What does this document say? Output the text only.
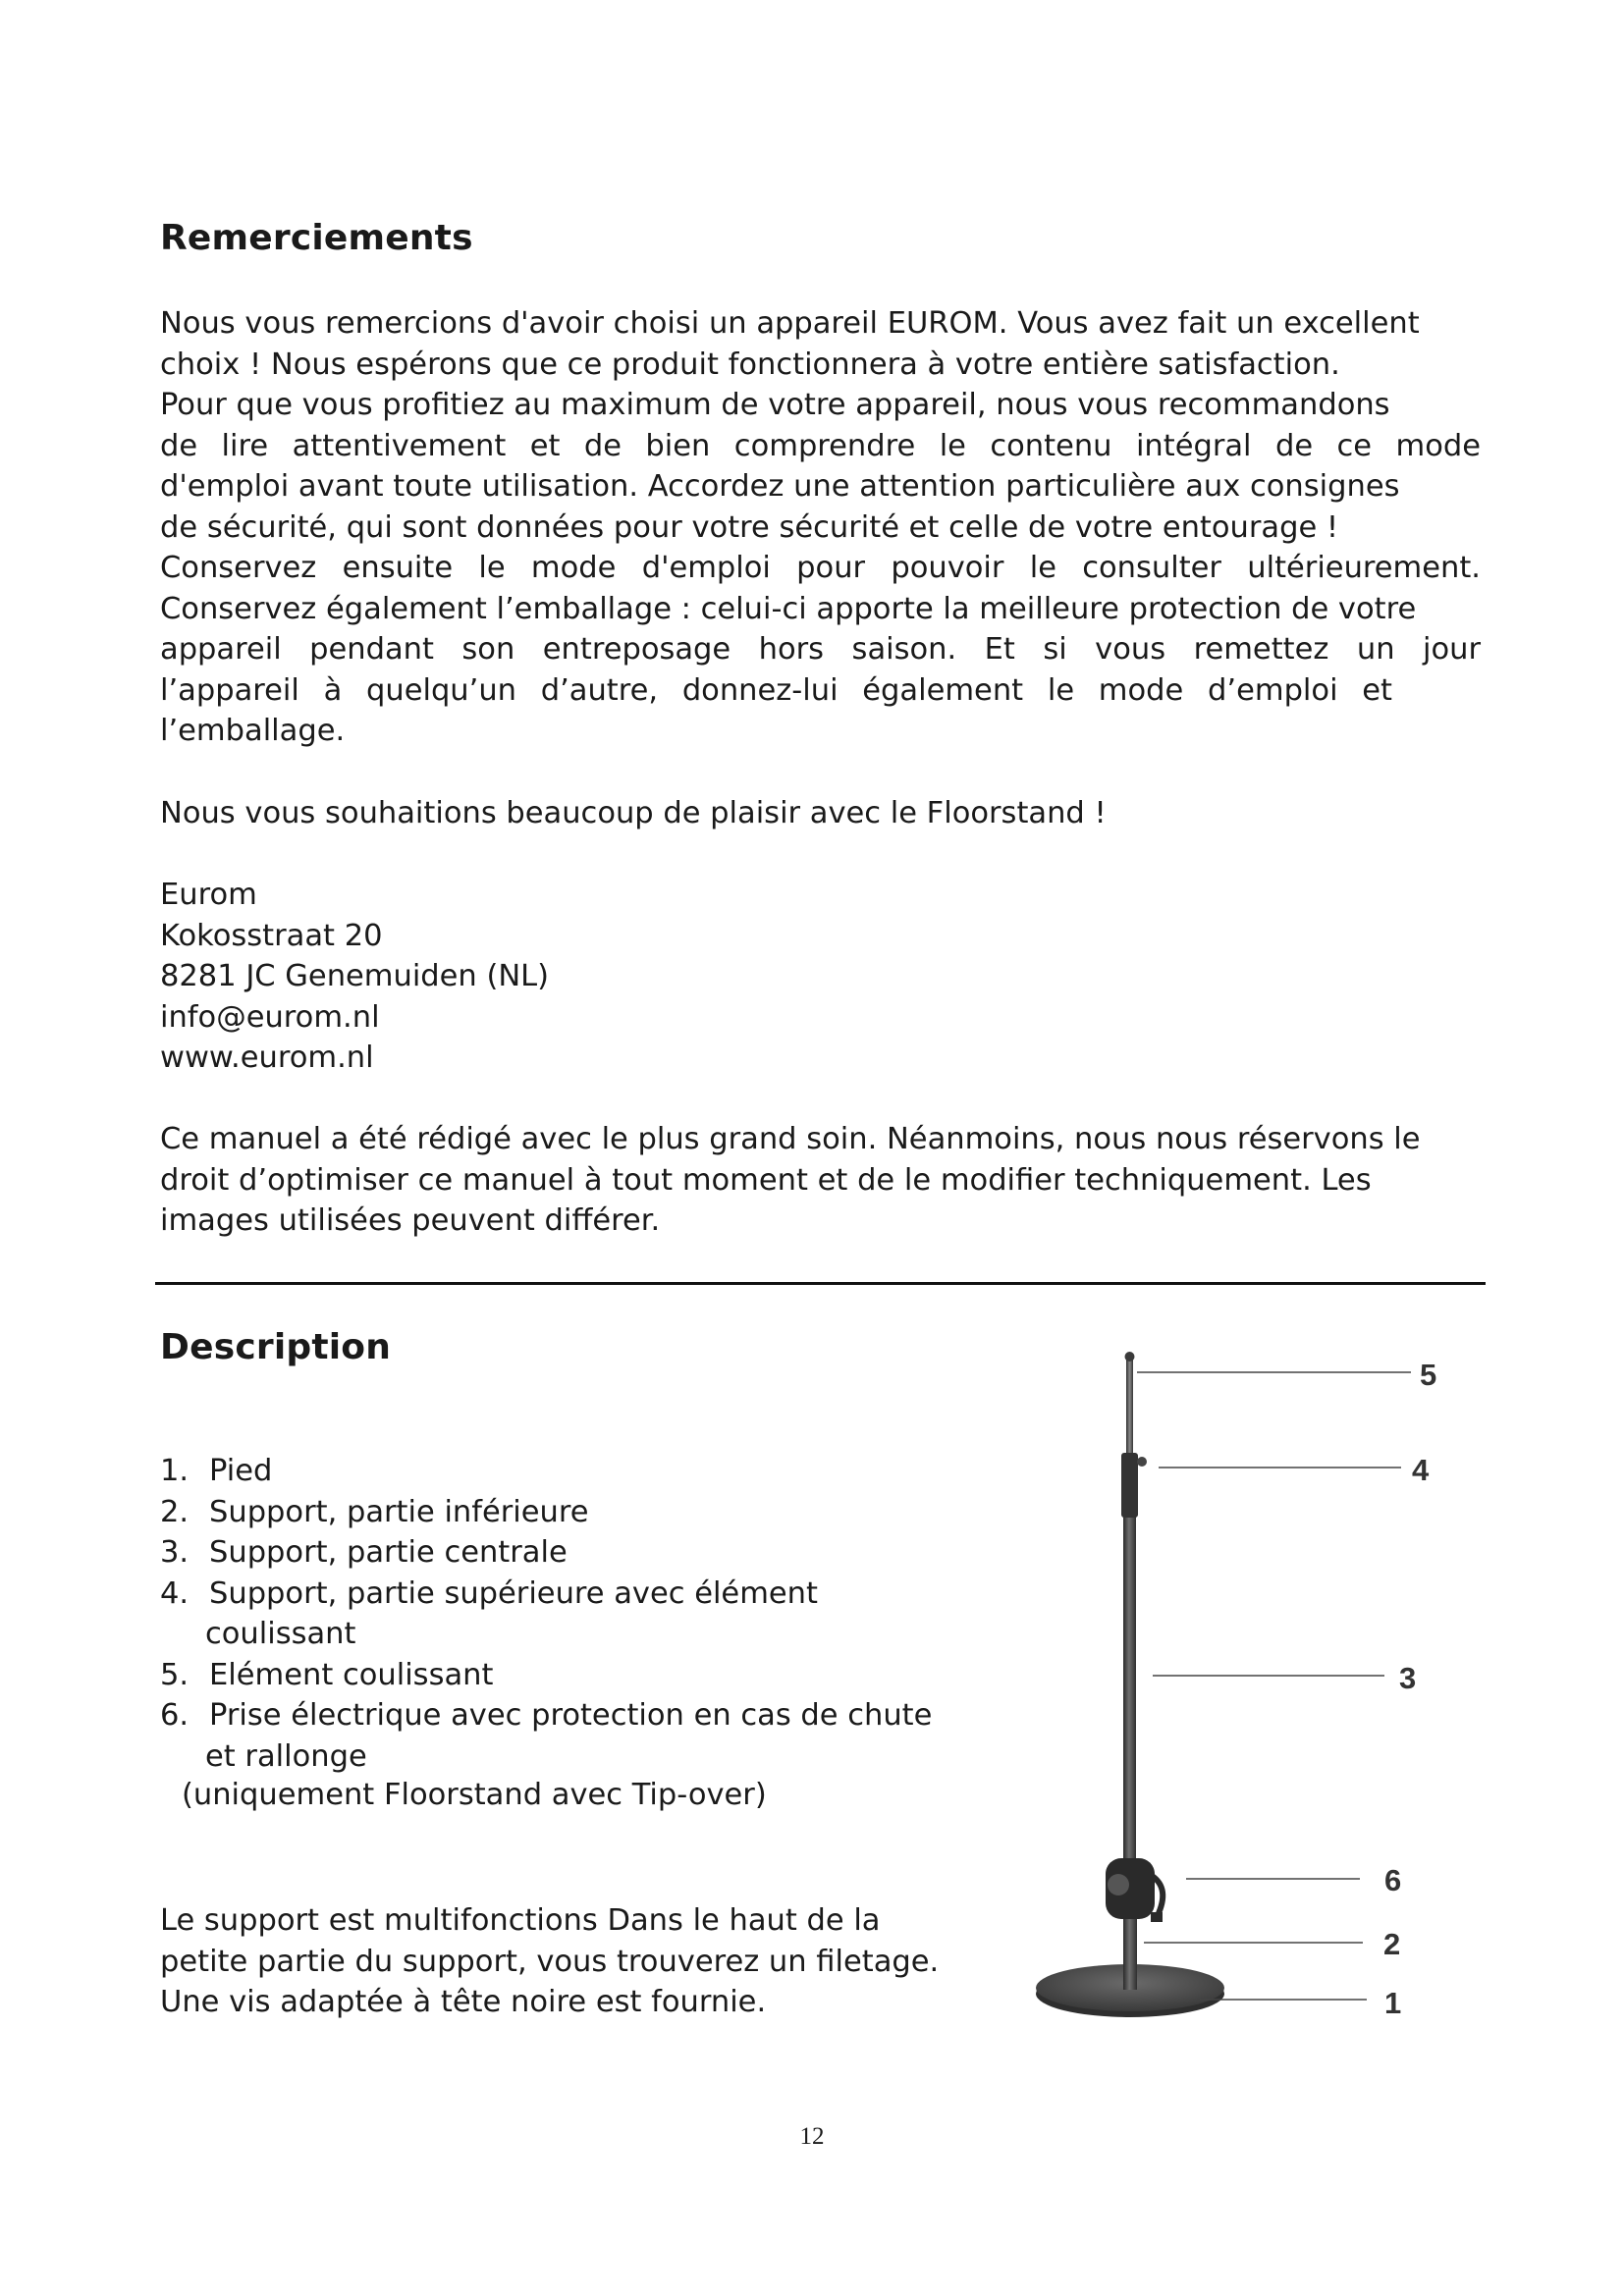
Remerciements
Nous vous remercions d'avoir choisi un appareil EUROM. Vous avez fait un excellent
choix ! Nous espérons que ce produit fonctionnera à votre entière satisfaction.
Pour que vous profitiez au maximum de votre appareil, nous vous recommandons
de lire attentivement et de bien comprendre le contenu intégral de ce mode
d'emploi avant toute utilisation. Accordez une attention particulière aux consignes
de sécurité, qui sont données pour votre sécurité et celle de votre entourage !
Conservez ensuite le mode d'emploi pour pouvoir le consulter ultérieurement.
Conservez également l’emballage : celui-ci apporte la meilleure protection de votre
appareil pendant son entreposage hors saison. Et si vous remettez un jour
l’appareil à quelqu’un d’autre, donnez-lui également le mode d’emploi et
l’emballage.

Nous vous souhaitions beaucoup de plaisir avec le Floorstand !

Eurom
Kokosstraat 20
8281 JC Genemuiden (NL)
info@eurom.nl
www.eurom.nl
Ce manuel a été rédigé avec le plus grand soin. Néanmoins, nous nous réservons le
droit d’optimiser ce manuel à tout moment et de le modifier techniquement. Les
images utilisées peuvent différer.
Description
1. Pied
2. Support, partie inférieure
3. Support, partie centrale
4. Support, partie supérieure avec élément
coulissant
5. Elément coulissant
6. Prise électrique avec protection en cas de chute
et rallonge
(uniquement Floorstand avec Tip-over)
Le support est multifonctions Dans le haut de la
petite partie du support, vous trouverez un filetage.
Une vis adaptée à tête noire est fournie.
5
4
3
6
2
1
12
